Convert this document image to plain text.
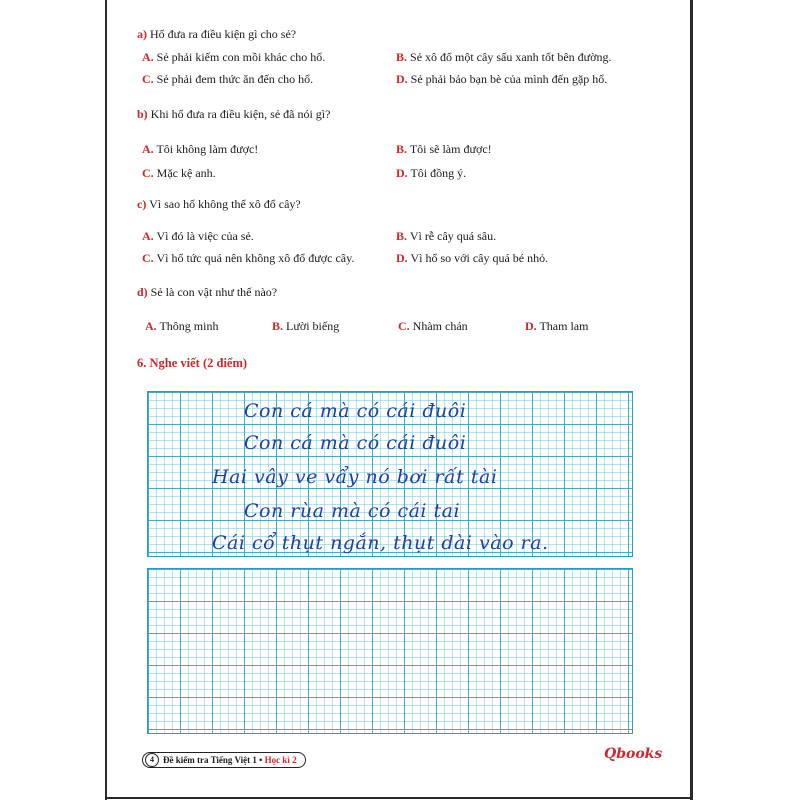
a) Hổ đưa ra điều kiện gì cho sẻ?
A. Sẻ phải kiếm con mồi khác cho hổ.	B. Sẻ xô đổ một cây sấu xanh tốt bên đường.
C. Sẻ phải đem thức ăn đến cho hổ.	D. Sẻ phải bảo bạn bè của mình đến gặp hổ.
b) Khi hổ đưa ra điều kiện, sẻ đã nói gì?
A. Tôi không làm được!	B. Tôi sẽ làm được!
C. Mặc kệ anh.	D. Tôi đồng ý.
c) Vì sao hổ không thể xô đổ cây?
A. Vì đó là việc của sẻ.	B. Vì rễ cây quá sâu.
C. Vì hổ tức quá nên không xô đổ được cây.	D. Vì hổ so với cây quá bé nhỏ.
d) Sẻ là con vật như thế nào?
A. Thông minh	B. Lười biếng	C. Nhàm chán	D. Tham lam
6. Nghe viết (2 điểm)
Con cá mà có cái đuôi
Con cá mà có cái đuôi
Hai vây ve vẩy nó bơi rất tài
Con rùa mà có cái tai
Cái cổ thụt ngắn, thụt dài vào ra.
4	Đề kiểm tra Tiếng Việt 1 • Học kì 2	Qbooks
